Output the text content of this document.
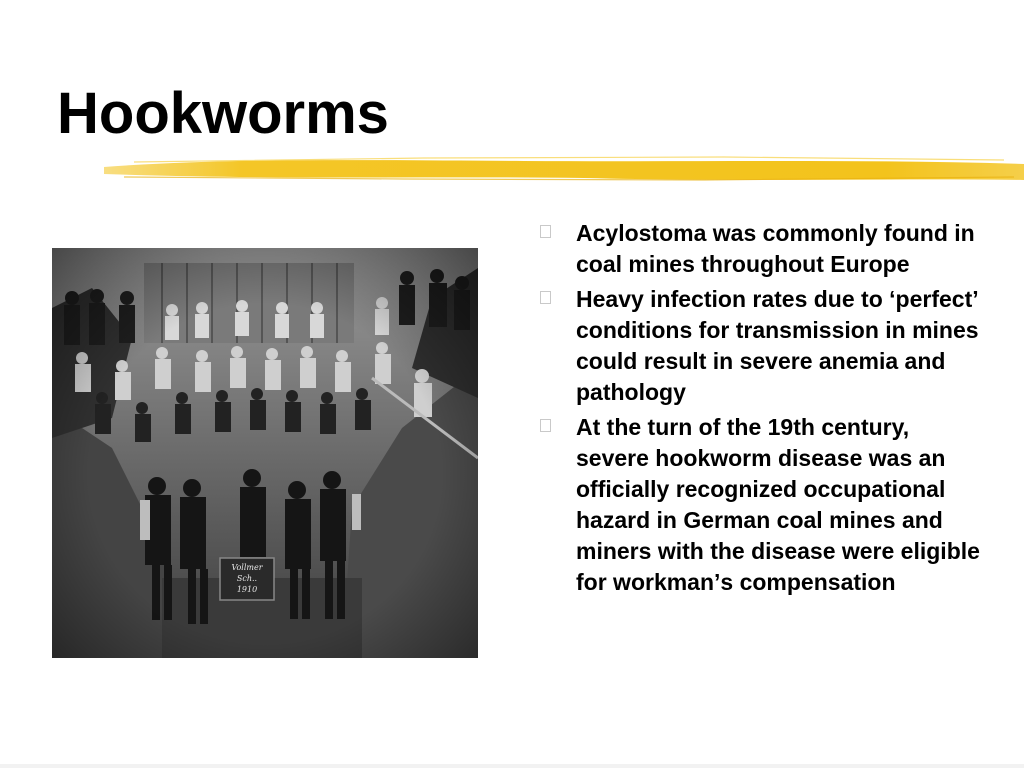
Hookworms
Acylostoma was commonly found in coal mines throughout Europe
Heavy infection rates due to ʻperfectʼ conditions for transmission in mines could result in severe anemia and pathology
At the turn of the 19th century, severe hookworm disease was an officially recognized occupational hazard in German coal mines and miners with the disease were eligible for workmanʼs compensation
